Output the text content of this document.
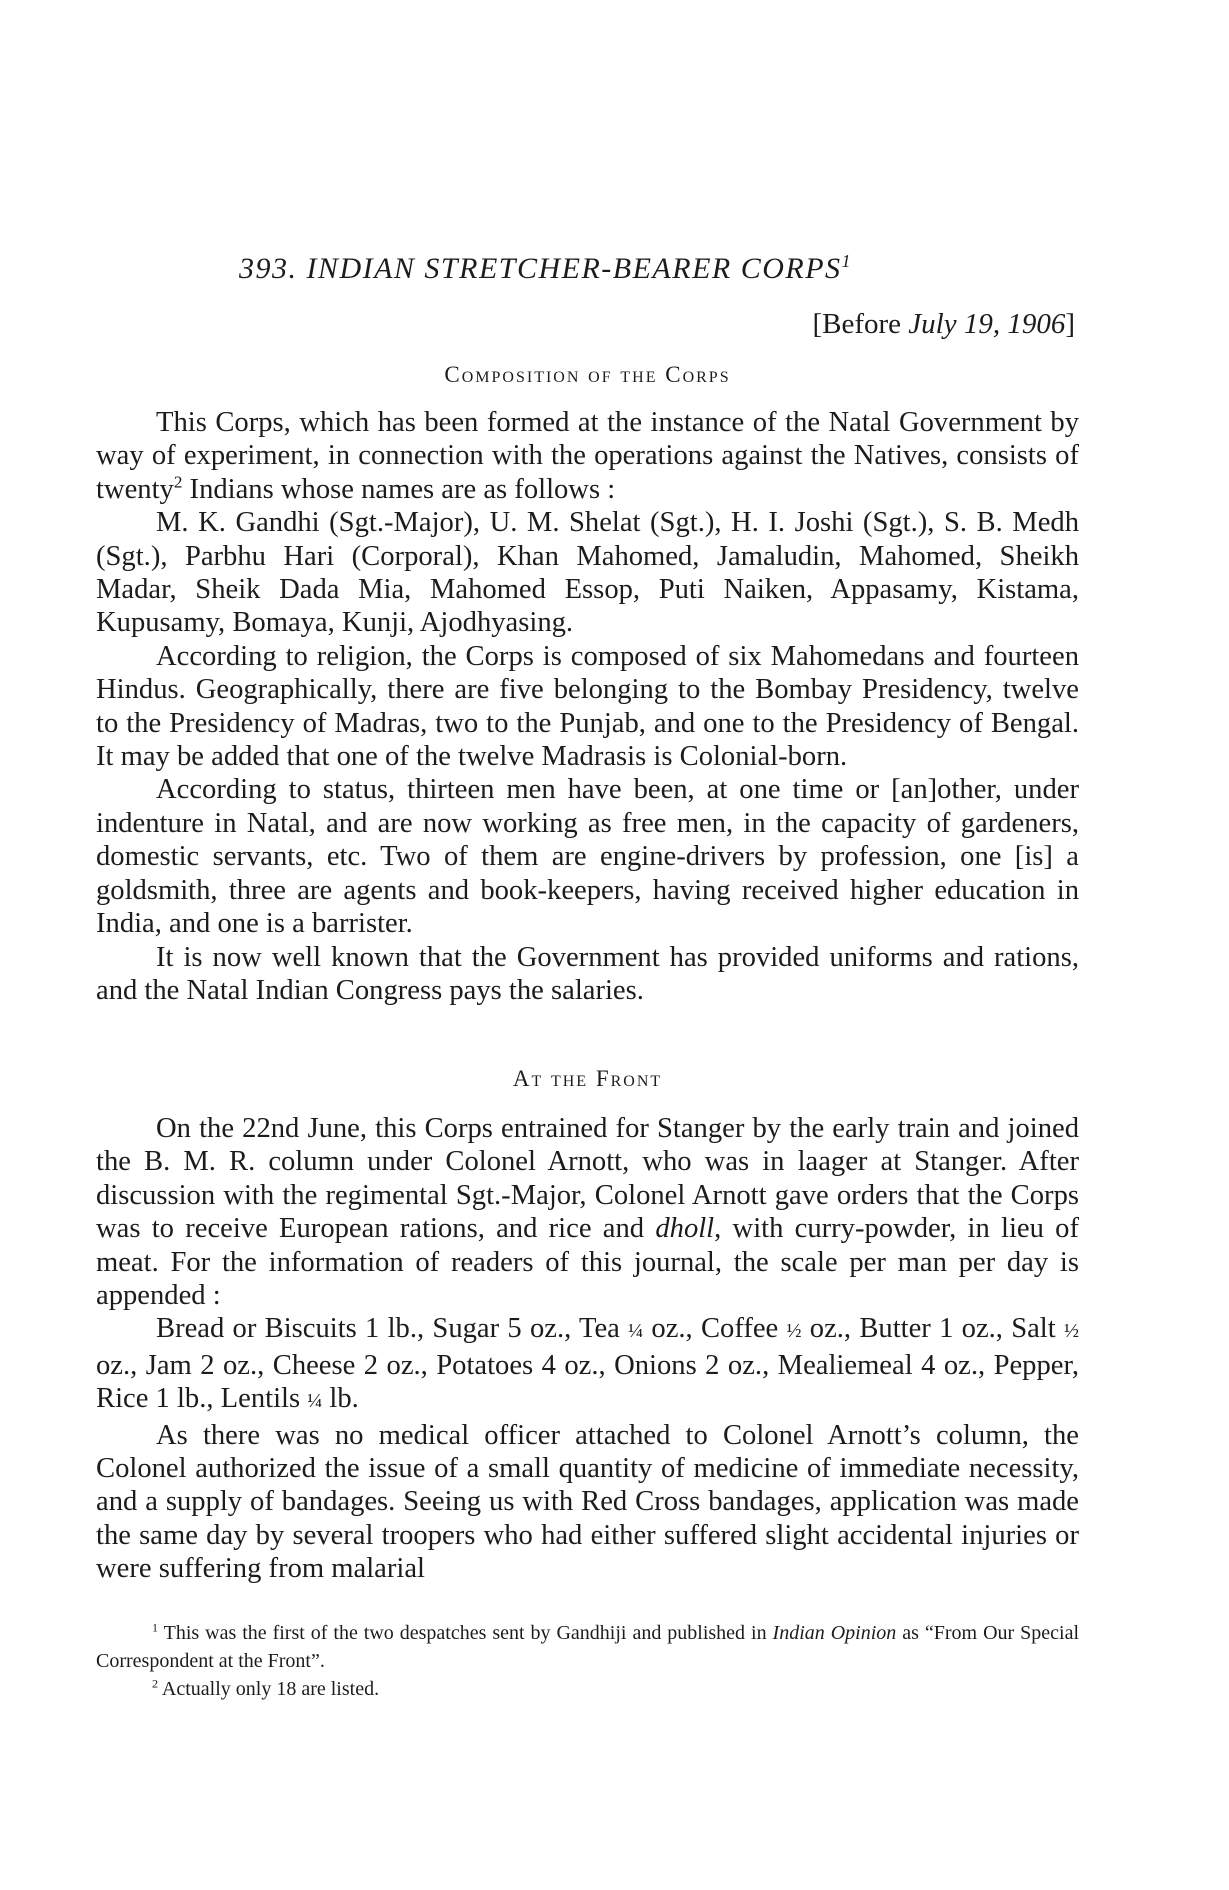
393. INDIAN STRETCHER-BEARER CORPS$^1$
[Before July 19, 1906]
Composition of the Corps

This Corps, which has been formed at the instance of the Natal Government by way of experiment, in connection with the operations against the Natives, consists of twenty$^2$ Indians whose names are as follows :

M. K. Gandhi (Sgt.-Major), U. M. Shelat (Sgt.), H. I. Joshi (Sgt.), S. B. Medh (Sgt.), Parbhu Hari (Corporal), Khan Mahomed, Jamaludin, Mahomed, Sheikh Madar, Sheik Dada Mia, Mahomed Essop, Puti Naiken, Appasamy, Kistama, Kupusamy, Bomaya, Kunji, Ajodhyasing.

According to religion, the Corps is composed of six Mahomedans and fourteen Hindus. Geographically, there are five belonging to the Bombay Presidency, twelve to the Presidency of Madras, two to the Punjab, and one to the Presidency of Bengal. It may be added that one of the twelve Madrasis is Colonial-born.

According to status, thirteen men have been, at one time or [an]other, under indenture in Natal, and are now working as free men, in the capacity of gardeners, domestic servants, etc. Two of them are engine-drivers by profession, one [is] a goldsmith, three are agents and book-keepers, having received higher education in India, and one is a barrister.

It is now well known that the Government has provided uniforms and rations, and the Natal Indian Congress pays the salaries.

At the Front

On the 22nd June, this Corps entrained for Stanger by the early train and joined the B. M. R. column under Colonel Arnott, who was in laager at Stanger. After discussion with the regimental Sgt.-Major, Colonel Arnott gave orders that the Corps was to receive European rations, and rice and dholl, with curry-powder, in lieu of meat. For the information of readers of this journal, the scale per man per day is appended :

Bread or Biscuits 1 lb., Sugar 5 oz., Tea ¼ oz., Coffee ½ oz., Butter 1 oz., Salt ½ oz., Jam 2 oz., Cheese 2 oz., Potatoes 4 oz., Onions 2 oz., Mealiemeal 4 oz., Pepper, Rice 1 lb., Lentils ¼ lb.

As there was no medical officer attached to Colonel Arnott’s column, the Colonel authorized the issue of a small quantity of medicine of immediate necessity, and a supply of bandages. Seeing us with Red Cross bandages, application was made the same day by several troopers who had either suffered slight accidental injuries or were suffering from malarial

$^1$ This was the first of the two despatches sent by Gandhiji and published in Indian Opinion as “From Our Special Correspondent at the Front”.

$^2$ Actually only 18 are listed.
